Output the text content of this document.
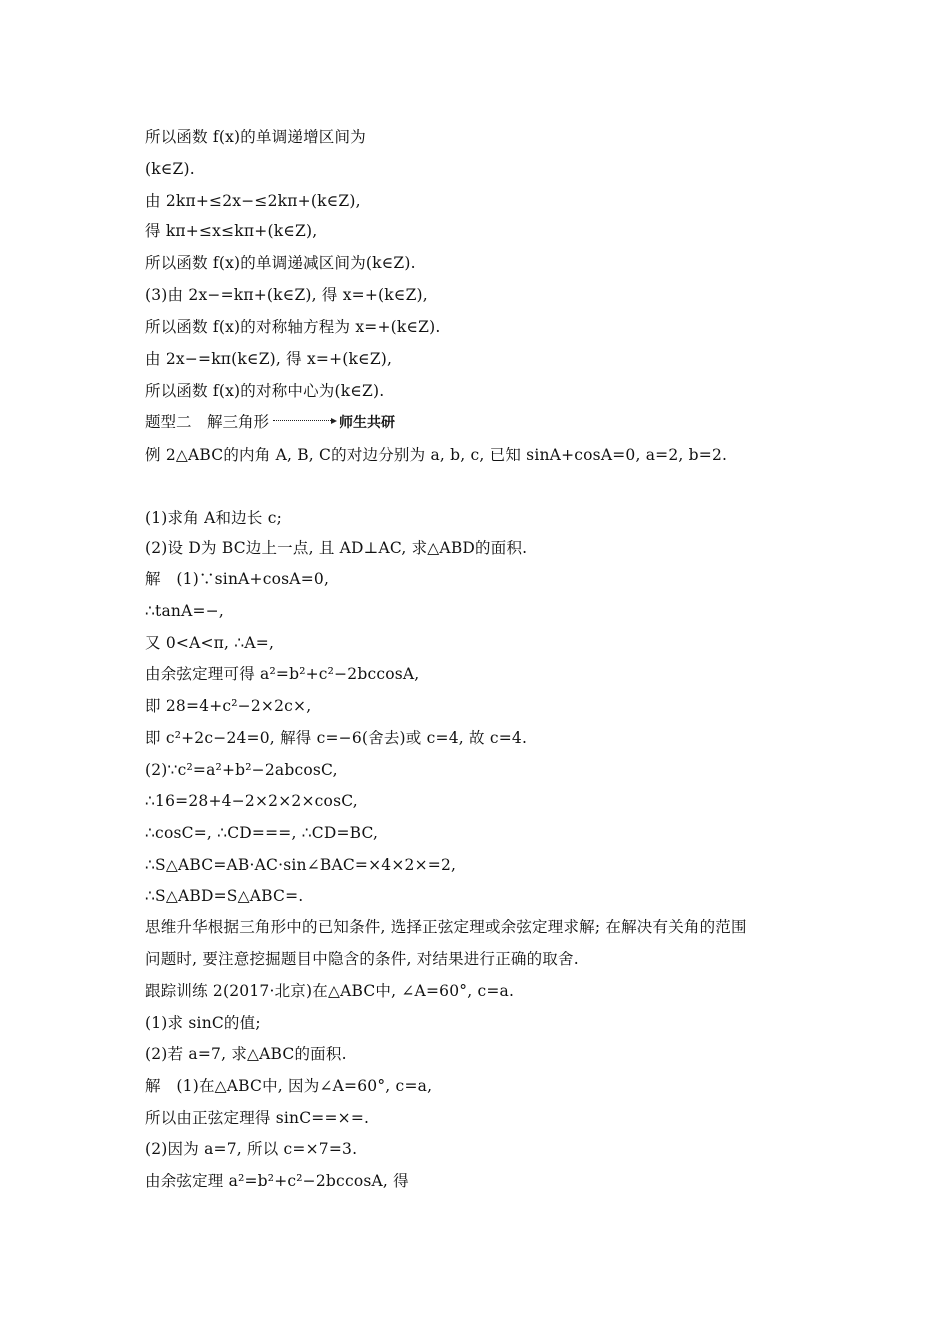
所以函数 f(x)的单调递增区间为
(k∈Z).
由 2kπ+≤2x−≤2kπ+(k∈Z),
得 kπ+≤x≤kπ+(k∈Z),
所以函数 f(x)的单调递减区间为(k∈Z).
(3)由 2x−=kπ+(k∈Z), 得 x=+(k∈Z),
所以函数 f(x)的对称轴方程为 x=+(k∈Z).
由 2x−=kπ(k∈Z), 得 x=+(k∈Z),
所以函数 f(x)的对称中心为(k∈Z).
题型二　解三角形	师生共研
例 2△ABC的内角 A, B, C的对边分别为 a, b, c, 已知 sinA+cosA=0, a=2, b=2.
(1)求角 A和边长 c;
(2)设 D为 BC边上一点, 且 AD⊥AC, 求△ABD的面积.
解　(1)∵sinA+cosA=0,
∴tanA=−,
又 0<A<π, ∴A=,
由余弦定理可得 a²=b²+c²−2bccosA,
即 28=4+c²−2×2c×,
即 c²+2c−24=0, 解得 c=−6(舍去)或 c=4, 故 c=4.
(2)∵c²=a²+b²−2abcosC,
∴16=28+4−2×2×2×cosC,
∴cosC=, ∴CD===, ∴CD=BC,
∴S△ABC=AB·AC·sin∠BAC=×4×2×=2,
∴S△ABD=S△ABC=.
思维升华根据三角形中的已知条件, 选择正弦定理或余弦定理求解; 在解决有关角的范围
问题时, 要注意挖掘题目中隐含的条件, 对结果进行正确的取舍.
跟踪训练 2(2017·北京)在△ABC中, ∠A=60°, c=a.
(1)求 sinC的值;
(2)若 a=7, 求△ABC的面积.
解　(1)在△ABC中, 因为∠A=60°, c=a,
所以由正弦定理得 sinC==×=.
(2)因为 a=7, 所以 c=×7=3.
由余弦定理 a²=b²+c²−2bccosA, 得
